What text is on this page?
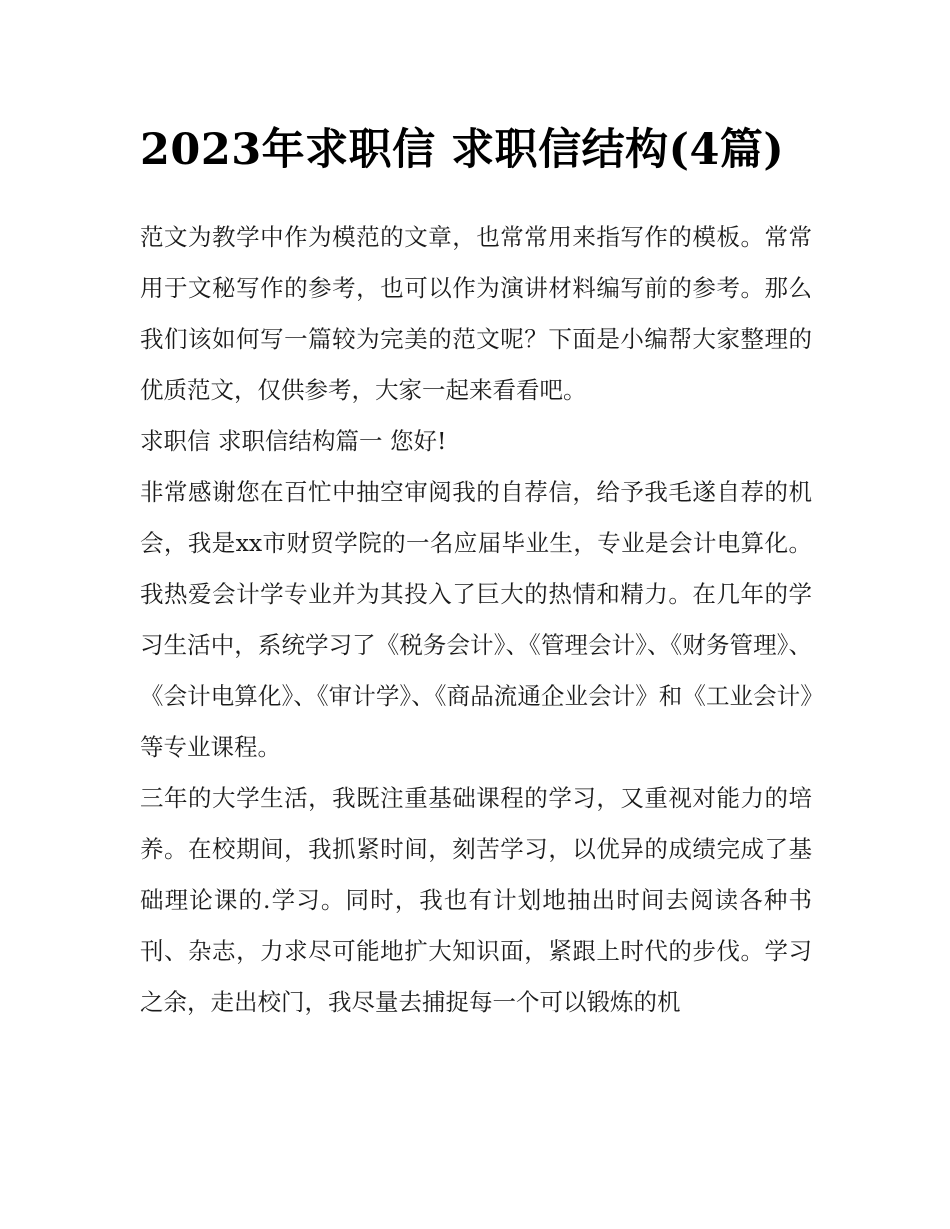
2023年求职信 求职信结构(4篇)

范文为教学中作为模范的文章，也常常用来指写作的模板。常常用于文秘写作的参考，也可以作为演讲材料编写前的参考。那么我们该如何写一篇较为完美的范文呢？下面是小编帮大家整理的优质范文，仅供参考，大家一起来看看吧。

求职信 求职信结构篇一 您好!

非常感谢您在百忙中抽空审阅我的自荐信，给予我毛遂自荐的机会，我是xx市财贸学院的一名应届毕业生，专业是会计电算化。我热爱会计学专业并为其投入了巨大的热情和精力。在几年的学习生活中，系统学习了《税务会计》、《管理会计》、《财务管理》、《会计电算化》、《审计学》、《商品流通企业会计》和《工业会计》等专业课程。

三年的大学生活，我既注重基础课程的学习，又重视对能力的培养。在校期间，我抓紧时间，刻苦学习，以优异的成绩完成了基础理论课的.学习。同时，我也有计划地抽出时间去阅读各种书刊、杂志，力求尽可能地扩大知识面，紧跟上时代的步伐。学习之余，走出校门，我尽量去捕捉每一个可以锻炼的机
